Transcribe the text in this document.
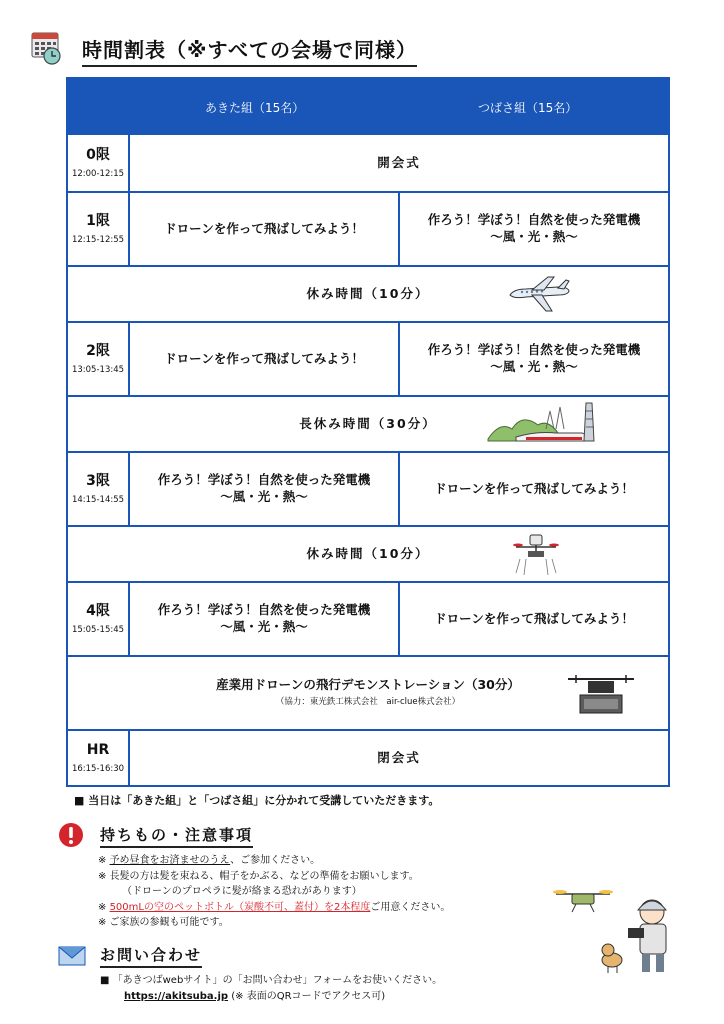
時間割表（※すべての会場で同様）
あきた組（15名）	つばさ組（15名）
0限
12:00-12:15
開会式
1限
12:15-12:55
ドローンを作って飛ばしてみよう！
作ろう！学ぼう！自然を使った発電機
～風・光・熱～
休み時間（10分）
2限
13:05-13:45
ドローンを作って飛ばしてみよう！
作ろう！学ぼう！自然を使った発電機
～風・光・熱～
長休み時間（30分）
3限
14:15-14:55
作ろう！学ぼう！自然を使った発電機
～風・光・熱～
ドローンを作って飛ばしてみよう！
休み時間（10分）
4限
15:05-15:45
作ろう！学ぼう！自然を使った発電機
～風・光・熱～
ドローンを作って飛ばしてみよう！
産業用ドローンの飛行デモンストレーション（30分）
（協力：東光鉄工株式会社　air-clue株式会社）
HR
16:15-16:30
閉会式
■ 当日は「あきた組」と「つばさ組」に分かれて受講していただきます。
持ちもの・注意事項
※ 予め昼食をお済ませのうえ、ご参加ください。
※ 長髪の方は髪を束ねる、帽子をかぶる、などの準備をお願いします。
（ドローンのプロペラに髪が絡まる恐れがあります）
※ 500mLの空のペットボトル（炭酸不可、蓋付）を2本程度ご用意ください。
※ ご家族の参観も可能です。
お問い合わせ
■ 「あきつばwebサイト」の「お問い合わせ」フォームをお使いください。
https://akitsuba.jp (※ 表面のQRコードでアクセス可)
